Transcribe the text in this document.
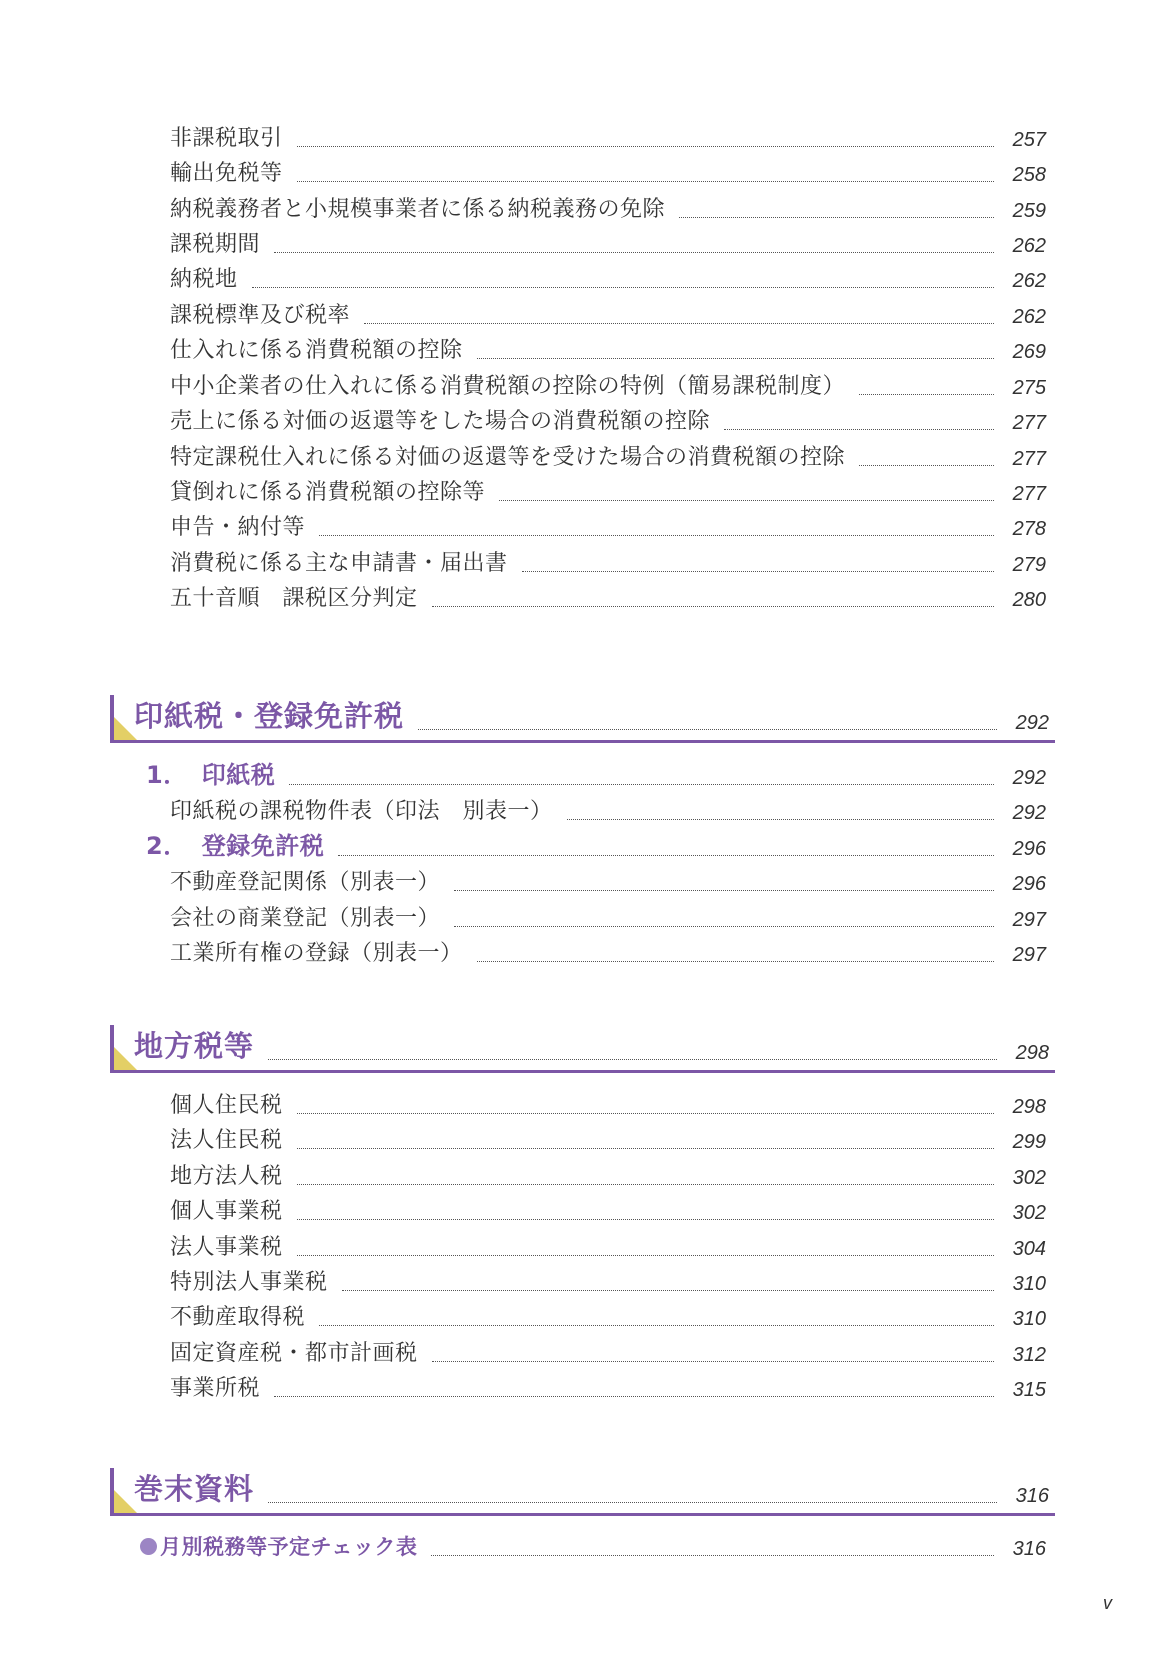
非課税取引	257
輸出免税等	258
納税義務者と小規模事業者に係る納税義務の免除	259
課税期間	262
納税地	262
課税標準及び税率	262
仕入れに係る消費税額の控除	269
中小企業者の仕入れに係る消費税額の控除の特例（簡易課税制度）	275
売上に係る対価の返還等をした場合の消費税額の控除	277
特定課税仕入れに係る対価の返還等を受けた場合の消費税額の控除	277
貸倒れに係る消費税額の控除等	277
申告・納付等	278
消費税に係る主な申請書・届出書	279
五十音順　課税区分判定	280
印紙税・登録免許税	292
1． 印紙税	292
印紙税の課税物件表（印法　別表一）	292
2． 登録免許税	296
不動産登記関係（別表一）	296
会社の商業登記（別表一）	297
工業所有権の登録（別表一）	297
地方税等	298
個人住民税	298
法人住民税	299
地方法人税	302
個人事業税	302
法人事業税	304
特別法人事業税	310
不動産取得税	310
固定資産税・都市計画税	312
事業所税	315
巻末資料	316
月別税務等予定チェック表	316
v
